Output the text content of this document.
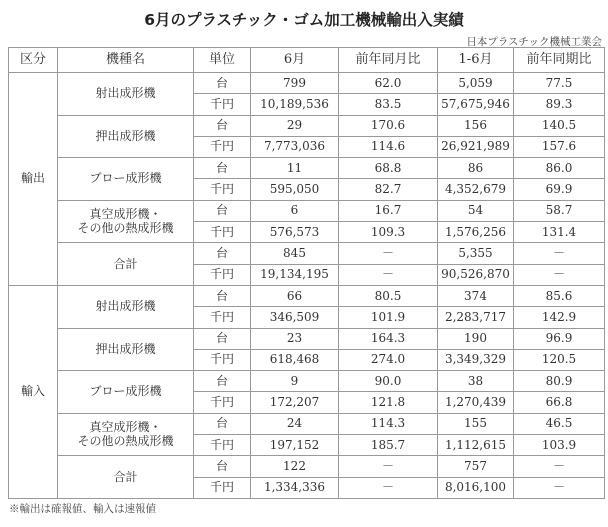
6月のプラスチック・ゴム加工機械輸出入実績
日本プラスチック機械工業会
区分	機種名	単位	6月	前年同月比	1-6月	前年同期比
輸出	射出成形機	台	799	62.0	5,059	77.5
		千円	10,189,536	83.5	57,675,946	89.3

	押出成形機	台	29	170.6	156	140.5
		千円	7,773,036	114.6	26,921,989	157.6

	ブロー成形機	台	11	68.8	86	86.0
		千円	595,050	82.7	4,352,679	69.9

	真空成形機・
その他の熱成形機	台	6	16.7	54	58.7
		千円	576,573	109.3	1,576,256	131.4

	合計	台	845	－	5,355	－
		千円	19,134,195	－	90,526,870	－
輸入	射出成形機	台	66	80.5	374	85.6
		千円	346,509	101.9	2,283,717	142.9

	押出成形機	台	23	164.3	190	96.9
		千円	618,468	274.0	3,349,329	120.5

	ブロー成形機	台	9	90.0	38	80.9
		千円	172,207	121.8	1,270,439	66.8

	真空成形機・
その他の熱成形機	台	24	114.3	155	46.5
		千円	197,152	185.7	1,112,615	103.9

	合計	台	122	－	757	－
		千円	1,334,336	－	8,016,100	－
※輸出は確報値、輸入は速報値
